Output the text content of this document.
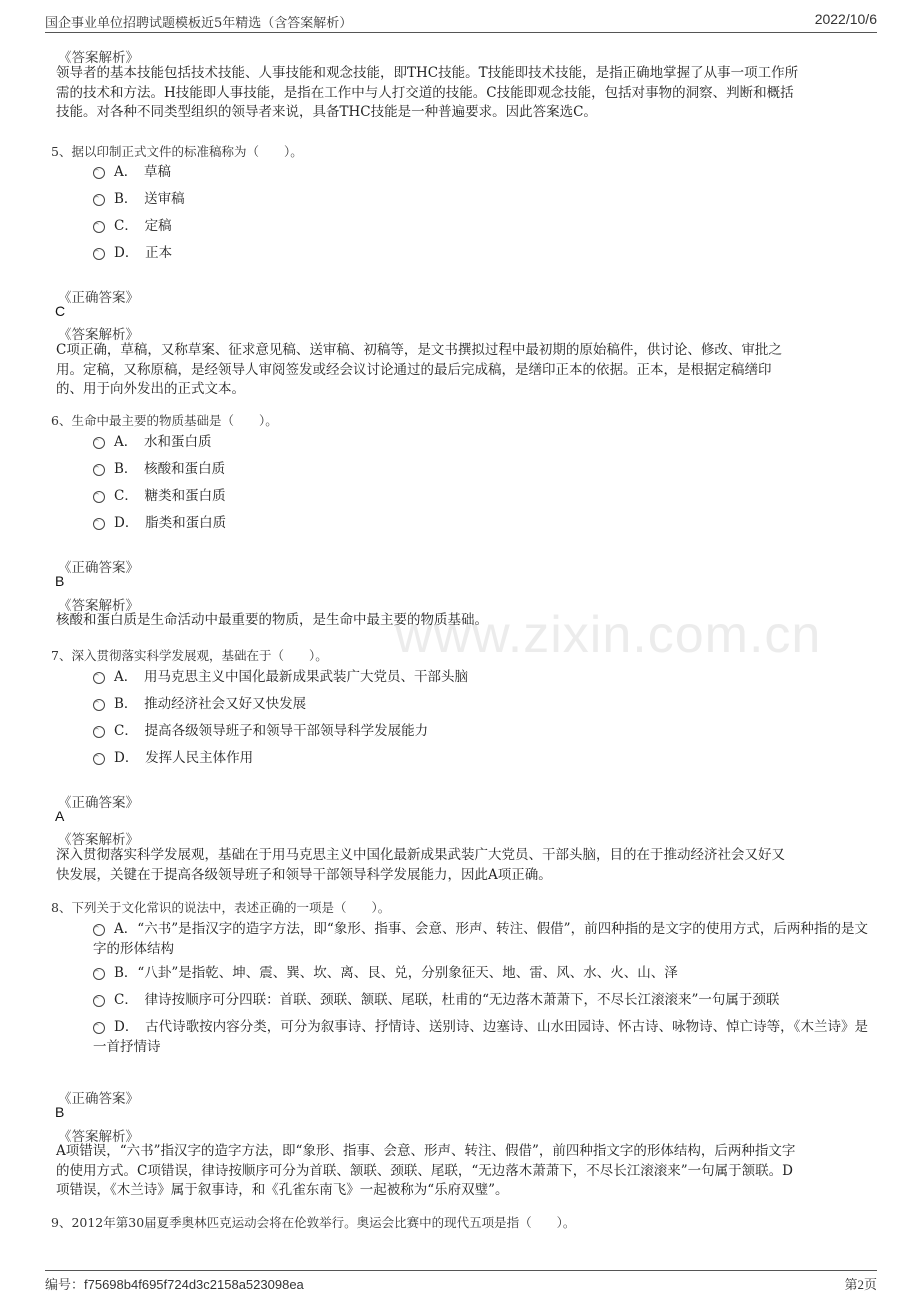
国企事业单位招聘试题模板近5年精选（含答案解析）	2022/10/6
www.zixin.com.cn
《答案解析》
领导者的基本技能包括技术技能、人事技能和观念技能，即THC技能。T技能即技术技能，是指正确地掌握了从事一项工作所
需的技术和方法。H技能即人事技能，是指在工作中与人打交道的技能。C技能即观念技能，包括对事物的洞察、判断和概括
技能。对各种不同类型组织的领导者来说，具备THC技能是一种普遍要求。因此答案选C。
5、据以印制正式文件的标准稿称为（　　）。
A．　草稿
B．　送审稿
C．　定稿
D．　正本
《正确答案》
C
《答案解析》
C项正确，草稿，又称草案、征求意见稿、送审稿、初稿等，是文书撰拟过程中最初期的原始稿件，供讨论、修改、审批之
用。定稿，又称原稿，是经领导人审阅签发或经会议讨论通过的最后完成稿，是缮印正本的依据。正本，是根据定稿缮印
的、用于向外发出的正式文本。
6、生命中最主要的物质基础是（　　）。
A．　水和蛋白质
B．　核酸和蛋白质
C．　糖类和蛋白质
D．　脂类和蛋白质
《正确答案》
B
《答案解析》
核酸和蛋白质是生命活动中最重要的物质，是生命中最主要的物质基础。
7、深入贯彻落实科学发展观，基础在于（　　）。
A．　用马克思主义中国化最新成果武装广大党员、干部头脑
B．　推动经济社会又好又快发展
C．　提高各级领导班子和领导干部领导科学发展能力
D．　发挥人民主体作用
《正确答案》
A
《答案解析》
深入贯彻落实科学发展观，基础在于用马克思主义中国化最新成果武装广大党员、干部头脑，目的在于推动经济社会又好又
快发展，关键在于提高各级领导班子和领导干部领导科学发展能力，因此A项正确。
8、下列关于文化常识的说法中，表述正确的一项是（　　）。
A．“六书”是指汉字的造字方法，即“象形、指事、会意、形声、转注、假借”，前四种指的是文字的使用方式，后两种指的是文字的形体结构
B．“八卦”是指乾、坤、震、巽、坎、离、艮、兑，分别象征天、地、雷、风、水、火、山、泽
C．　律诗按顺序可分四联：首联、颈联、颔联、尾联，杜甫的“无边落木萧萧下，不尽长江滚滚来”一句属于颈联
D．　古代诗歌按内容分类，可分为叙事诗、抒情诗、送别诗、边塞诗、山水田园诗、怀古诗、咏物诗、悼亡诗等，《木兰诗》是一首抒情诗
《正确答案》
B
《答案解析》
A项错误，“六书”指汉字的造字方法，即“象形、指事、会意、形声、转注、假借”，前四种指文字的形体结构，后两种指文字
的使用方式。C项错误，律诗按顺序可分为首联、颔联、颈联、尾联，“无边落木萧萧下，不尽长江滚滚来”一句属于颔联。D
项错误，《木兰诗》属于叙事诗，和《孔雀东南飞》一起被称为“乐府双璧”。
9、2012年第30届夏季奥林匹克运动会将在伦敦举行。奥运会比赛中的现代五项是指（　　）。
编号：f75698b4f695f724d3c2158a523098ea	第2页
